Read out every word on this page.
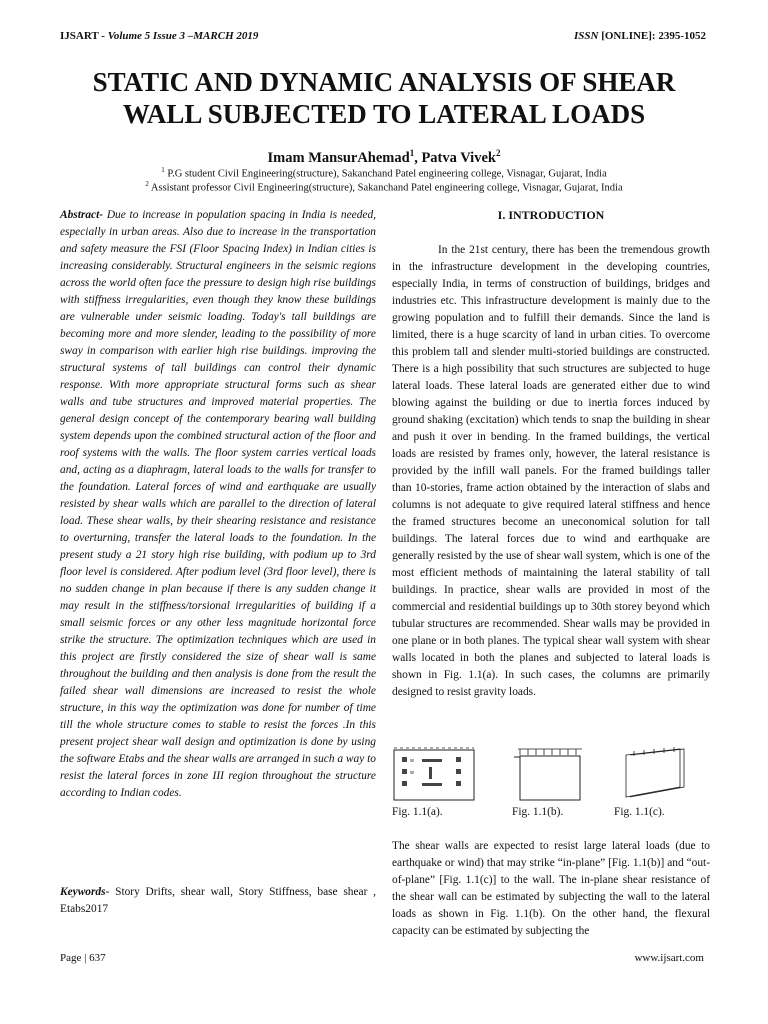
IJSART - Volume 5 Issue 3 –MARCH 2019	ISSN [ONLINE]: 2395-1052
STATIC AND DYNAMIC ANALYSIS OF SHEAR
WALL SUBJECTED TO LATERAL LOADS
Imam MansurAhemad$^1$, Patva Vivek$^2$
$^1$ P.G student Civil Engineering(structure), Sakanchand Patel engineering college, Visnagar, Gujarat, India
$^2$ Assistant professor Civil Engineering(structure), Sakanchand Patel engineering college, Visnagar, Gujarat, India
Abstract- Due to increase in population spacing in India is needed, especially in urban areas. Also due to increase in the transportation and safety measure the FSI (Floor Spacing Index) in Indian cities is increasing considerably. Structural engineers in the seismic regions across the world often face the pressure to design high rise buildings with stiffness irregularities, even though they know these buildings are vulnerable under seismic loading. Today's tall buildings are becoming more and more slender, leading to the possibility of more sway in comparison with earlier high rise buildings. improving the structural systems of tall buildings can control their dynamic response. With more appropriate structural forms such as shear walls and tube structures and improved material properties. The general design concept of the contemporary bearing wall building system depends upon the combined structural action of the floor and roof systems with the walls. The floor system carries vertical loads and, acting as a diaphragm, lateral loads to the walls for transfer to the foundation. Lateral forces of wind and earthquake are usually resisted by shear walls which are parallel to the direction of lateral load. These shear walls, by their shearing resistance and resistance to overturning, transfer the lateral loads to the foundation. In the present study a 21 story high rise building, with podium up to 3rd floor level is considered. After podium level (3rd floor level), there is no sudden change in plan because if there is any sudden change it may result in the stiffness/torsional irregularities of building if a small seismic forces or any other less magnitude horizontal force strike the structure. The optimization techniques which are used in this project are firstly considered the size of shear wall is same throughout the building and then analysis is done from the result the failed shear wall dimensions are increased to resist the whole structure, in this way the optimization was done for number of time till the whole structure comes to stable to resist the forces .In this present project shear wall design and optimization is done by using the software Etabs and the shear walls are arranged in such a way to resist the lateral forces in zone III region throughout the structure according to Indian codes.
Keywords- Story Drifts, shear wall, Story Stiffness, base shear , Etabs2017
I. INTRODUCTION

In the 21st century, there has been the tremendous growth in the infrastructure development in the developing countries, especially India, in terms of construction of buildings, bridges and industries etc. This infrastructure development is mainly due to the growing population and to fulfill their demands. Since the land is limited, there is a huge scarcity of land in urban cities. To overcome this problem tall and slender multi-storied buildings are constructed. There is a high possibility that such structures are subjected to huge lateral loads. These lateral loads are generated either due to wind blowing against the building or due to inertia forces induced by ground shaking (excitation) which tends to snap the building in shear and push it over in bending. In the framed buildings, the vertical loads are resisted by frames only, however, the lateral resistance is provided by the infill wall panels. For the framed buildings taller than 10-stories, frame action obtained by the interaction of slabs and columns is not adequate to give required lateral stiffness and hence the framed structures become an uneconomical solution for tall buildings. The lateral forces due to wind and earthquake are generally resisted by the use of shear wall system, which is one of the most efficient methods of maintaining the lateral stability of tall buildings. In practice, shear walls are provided in most of the commercial and residential buildings up to 30th storey beyond which tubular structures are recommended. Shear walls may be provided in one plane or in both planes. The typical shear wall system with shear walls located in both the planes and subjected to lateral loads is shown in Fig. 1.1(a). In such cases, the columns are primarily designed to resist gravity loads.

w
w
Fig. 1.1(a).	Fig. 1.1(b).	Fig. 1.1(c).

The shear walls are expected to resist large lateral loads (due to earthquake or wind) that may strike “in-plane” [Fig. 1.1(b)] and “out-of-plane” [Fig. 1.1(c)] to the wall. The in-plane shear resistance of the shear wall can be estimated by subjecting the wall to the lateral loads as shown in Fig. 1.1(b). On the other hand, the flexural capacity can be estimated by subjecting the

Page | 637	www.ijsart.com
